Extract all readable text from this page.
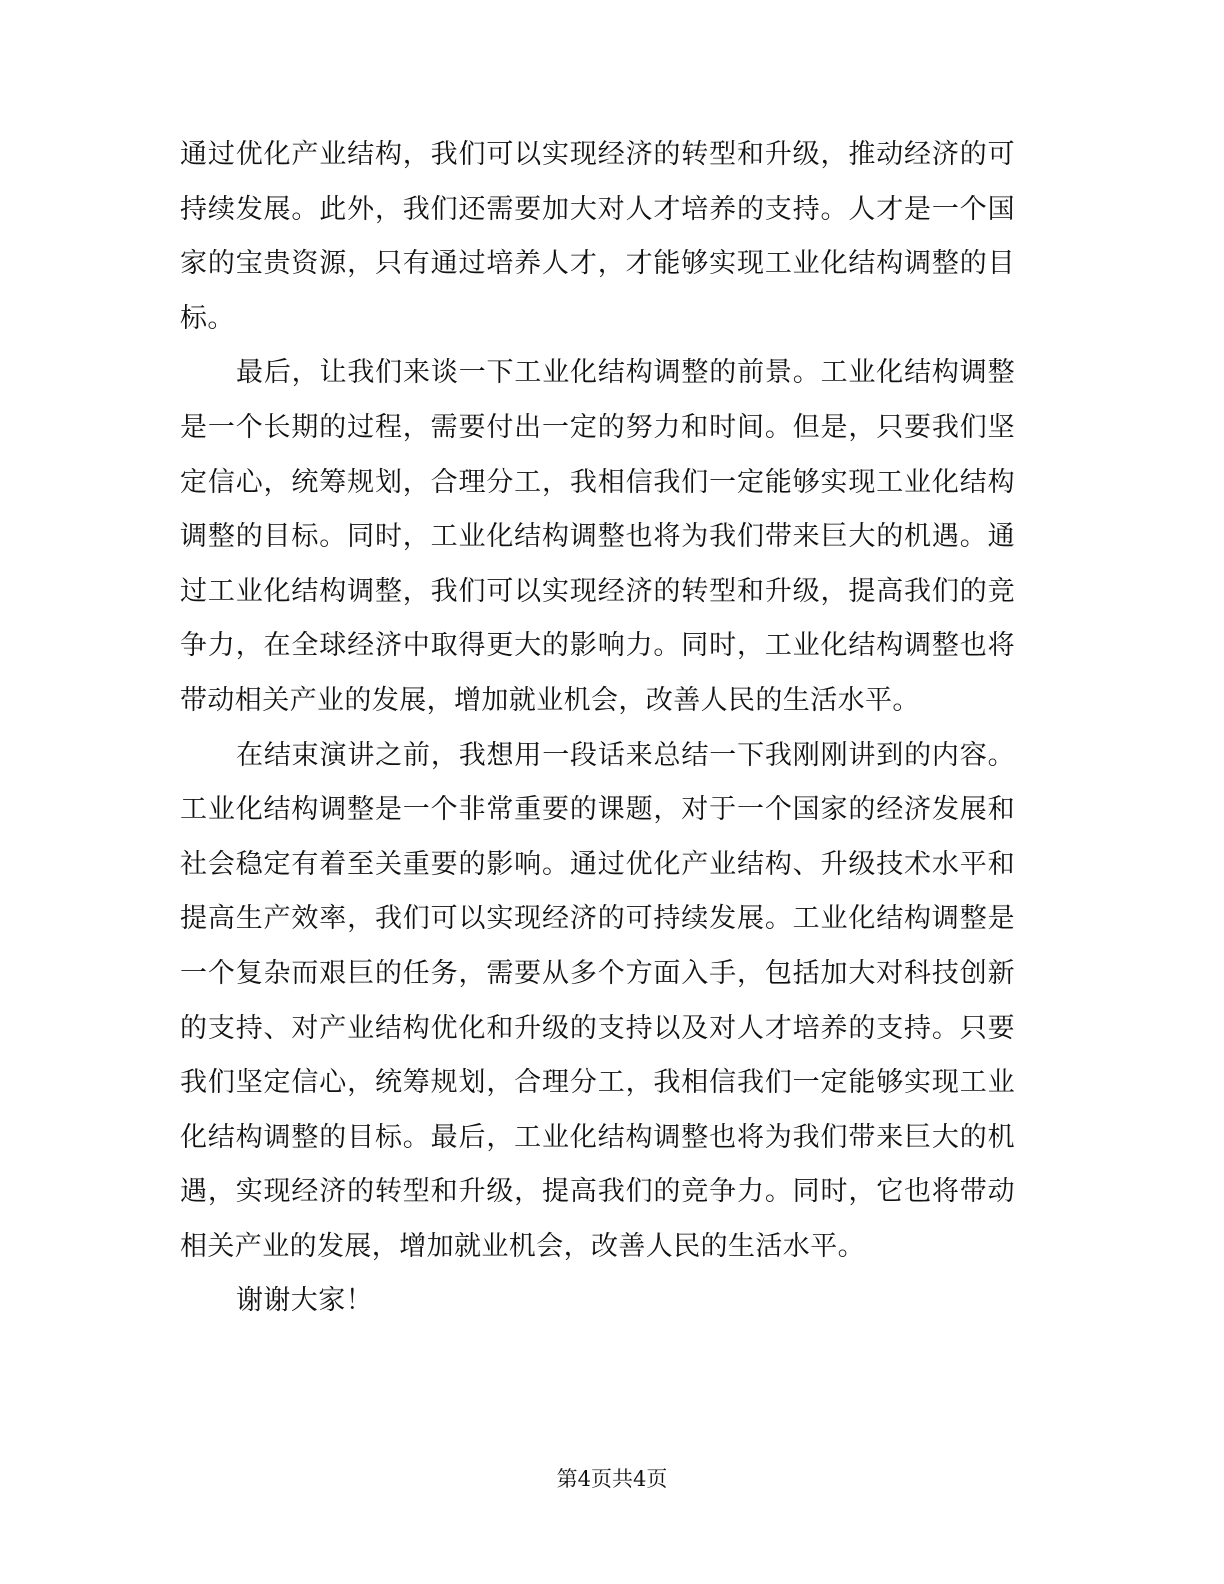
通过优化产业结构，我们可以实现经济的转型和升级，推动经济的可持续发展。此外，我们还需要加大对人才培养的支持。人才是一个国家的宝贵资源，只有通过培养人才，才能够实现工业化结构调整的目标。

最后，让我们来谈一下工业化结构调整的前景。工业化结构调整是一个长期的过程，需要付出一定的努力和时间。但是，只要我们坚定信心，统筹规划，合理分工，我相信我们一定能够实现工业化结构调整的目标。同时，工业化结构调整也将为我们带来巨大的机遇。通过工业化结构调整，我们可以实现经济的转型和升级，提高我们的竞争力，在全球经济中取得更大的影响力。同时，工业化结构调整也将带动相关产业的发展，增加就业机会，改善人民的生活水平。

在结束演讲之前，我想用一段话来总结一下我刚刚讲到的内容。工业化结构调整是一个非常重要的课题，对于一个国家的经济发展和社会稳定有着至关重要的影响。通过优化产业结构、升级技术水平和提高生产效率，我们可以实现经济的可持续发展。工业化结构调整是一个复杂而艰巨的任务，需要从多个方面入手，包括加大对科技创新的支持、对产业结构优化和升级的支持以及对人才培养的支持。只要我们坚定信心，统筹规划，合理分工，我相信我们一定能够实现工业化结构调整的目标。最后，工业化结构调整也将为我们带来巨大的机遇，实现经济的转型和升级，提高我们的竞争力。同时，它也将带动相关产业的发展，增加就业机会，改善人民的生活水平。

谢谢大家！

第4页共4页
